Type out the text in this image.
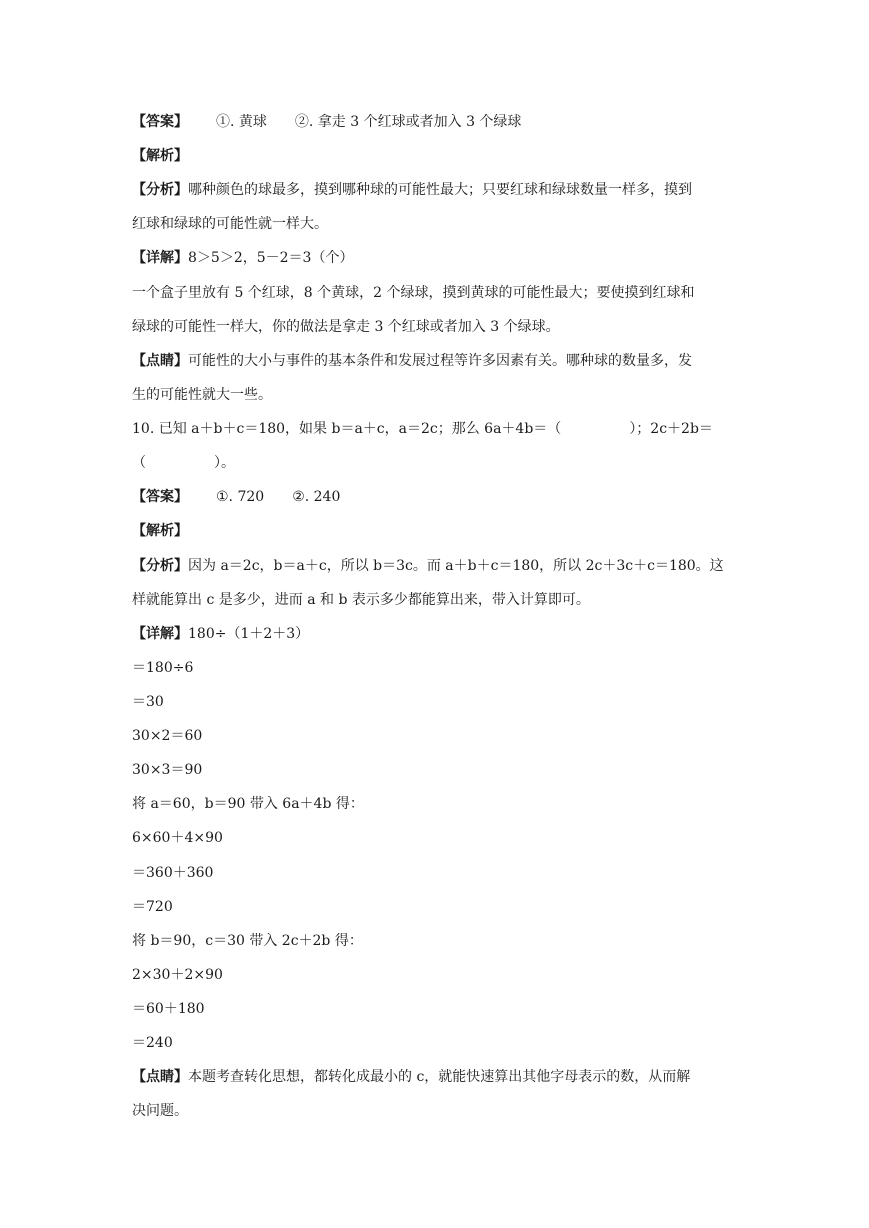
【答案】 ①. 黄球 ②. 拿走 3 个红球或者加入 3 个绿球
【解析】
【分析】哪种颜色的球最多，摸到哪种球的可能性最大；只要红球和绿球数量一样多，摸到
红球和绿球的可能性就一样大。
【详解】8＞5＞2，5－2＝3（个）
一个盒子里放有 5 个红球，8 个黄球，2 个绿球，摸到黄球的可能性最大；要使摸到红球和
绿球的可能性一样大，你的做法是拿走 3 个红球或者加入 3 个绿球。
【点睛】可能性的大小与事件的基本条件和发展过程等许多因素有关。哪种球的数量多，发
生的可能性就大一些。
10. 已知 a＋b＋c＝180，如果 b＝a＋c，a＝2c；那么 6a＋4b＝（	）；2c＋2b＝
（	）。
【答案】 ①. 720 ②. 240
【解析】
【分析】因为 a＝2c，b＝a＋c，所以 b＝3c。而 a＋b＋c＝180，所以 2c＋3c＋c＝180。这
样就能算出 c 是多少，进而 a 和 b 表示多少都能算出来，带入计算即可。
【详解】180÷（1＋2＋3）
＝180÷6
＝30
30×2＝60
30×3＝90
将 a＝60，b＝90 带入 6a＋4b 得：
6×60＋4×90
＝360＋360
＝720
将 b＝90，c＝30 带入 2c＋2b 得：
2×30＋2×90
＝60＋180
＝240
【点睛】本题考查转化思想，都转化成最小的 c，就能快速算出其他字母表示的数，从而解
决问题。
